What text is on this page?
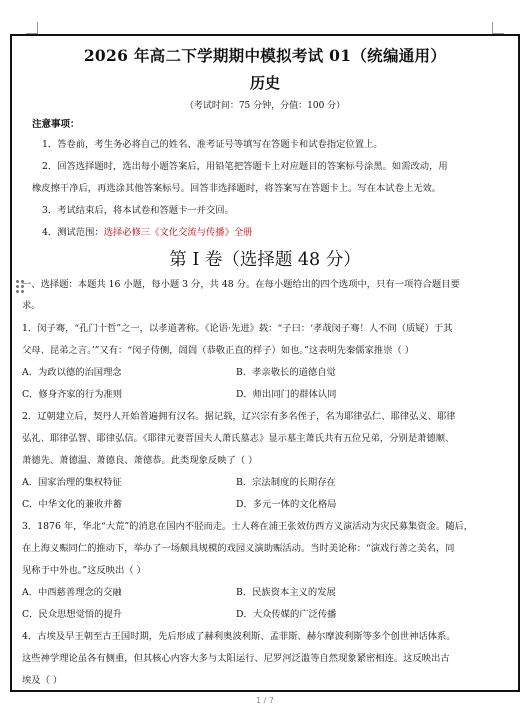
2026 年高二下学期期中模拟考试 01（统编通用）
历史
（考试时间：75 分钟，分值：100 分）
注意事项：
1．答卷前，考生务必将自己的姓名、准考证号等填写在答题卡和试卷指定位置上。
2．回答选择题时，选出每小题答案后，用铅笔把答题卡上对应题目的答案标号涂黑。如需改动，用
橡皮擦干净后，再选涂其他答案标号。回答非选择题时，将答案写在答题卡上。写在本试卷上无效。
3．考试结束后，将本试卷和答题卡一并交回。
4．测试范围：选择必修三《文化交流与传播》全册
第 I 卷（选择题 48 分）
一、选择题：本题共 16 小题，每小题 3 分，共 48 分。在每小题给出的四个选项中，只有一项符合题目要
求。
1．闵子骞，“孔门十哲”之一，以孝道著称。《论语·先进》载：“子曰：‘孝哉闵子骞！人不间（质疑）于其
父母、昆弟之言。’”又有：“闵子侍侧，訚訚（恭敬正直的样子）如也。”这表明先秦儒家推崇（ ）
A．为政以德的治国理念	B．孝亲敬长的道德自觉
C．修身齐家的行为准则	D．师出同门的群体认同
2．辽朝建立后，契丹人开始普遍拥有汉名。据记载，辽兴宗有多名侄子，名为耶律弘仁、耶律弘义、耶律
弘礼、耶律弘智、耶律弘信。《耶律元妻晋国夫人萧氏墓志》显示墓主萧氏共有五位兄弟，分别是萧德顺、
萧德先、萧德温、萧德良、萧德恭。此类现象反映了（ ）
A．国家治理的集权特征	B．宗法制度的长期存在
C．中华文化的兼收并蓄	D．多元一体的文化格局
3．1876 年，华北“大荒”的消息在国内不胫而走。士人蒋在浦王张效仿西方义演活动为灾民募集资金。随后，
在上海义赈同仁的推动下，举办了一场颇具规模的戏园义演助赈活动。当时美论称：“演戏行善之美名，同
见称于中外也。”这反映出（ ）
A．中西慈善理念的交融	B．民族资本主义的发展
C．民众思想觉悟的提升	D．大众传媒的广泛传播
4．古埃及早王朝至古王国时期，先后形成了赫利奥波利斯、孟菲斯、赫尔摩波利斯等多个创世神话体系。
这些神学理论虽各有侧重，但其核心内容大多与太阳运行、尼罗河泛滥等自然现象紧密相连。这反映出古
埃及（ ）
1 / 7
